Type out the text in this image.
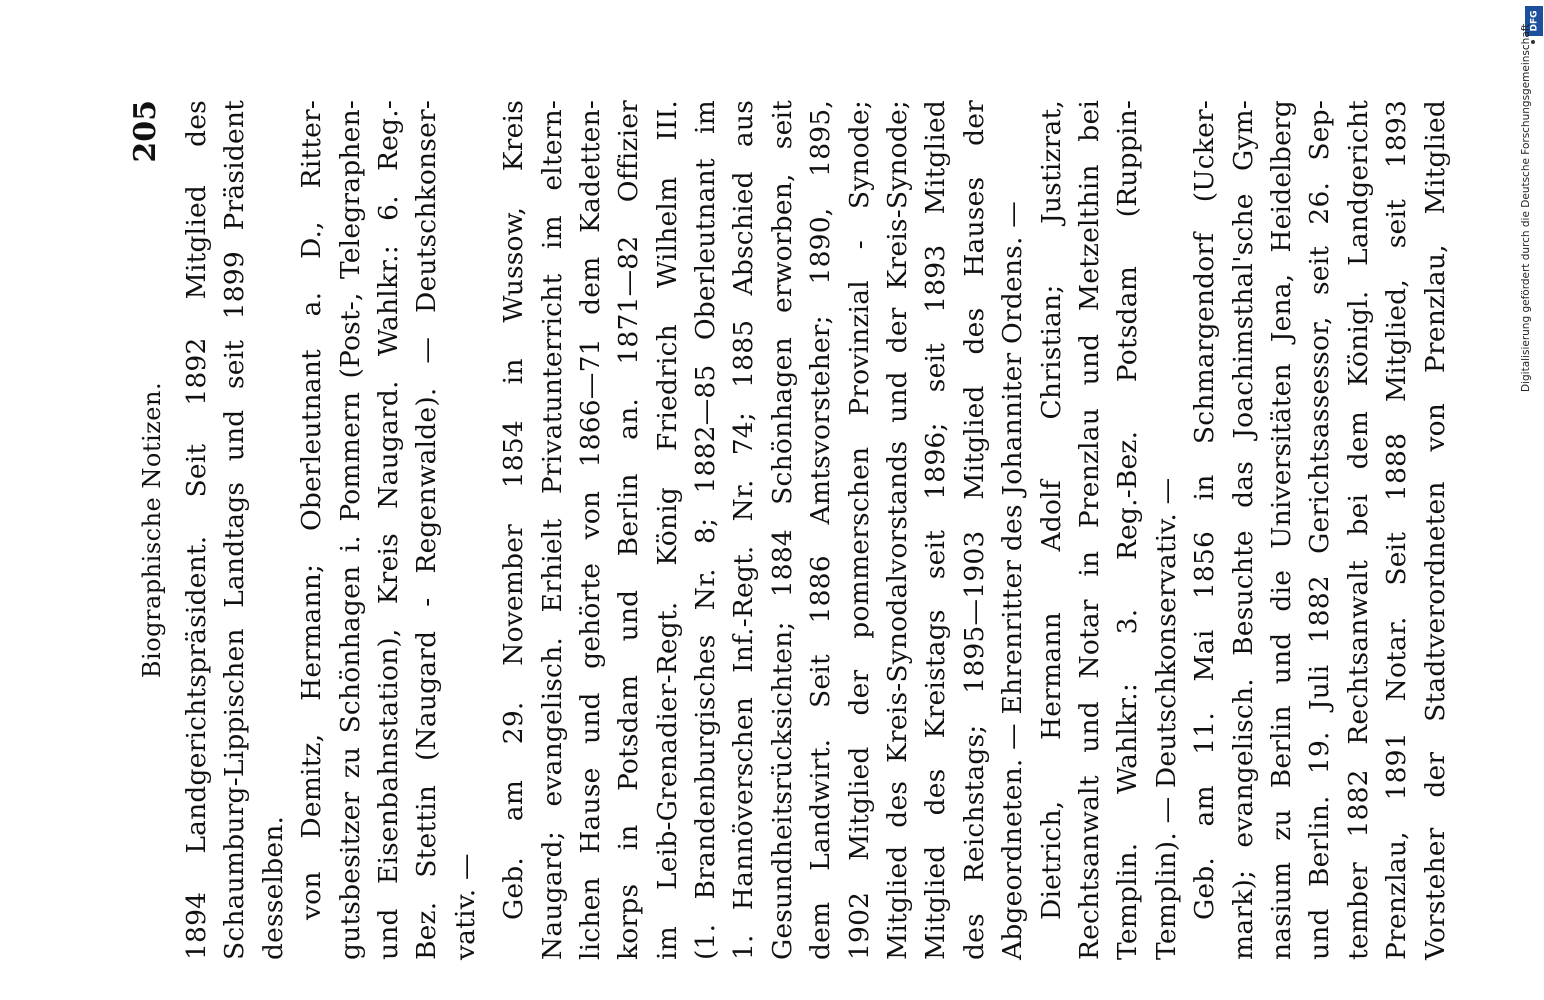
Biographische Notizen.
205 1894 Landgerichtspräsident. Seit 1892 Mitglied des Schaumburg-Lippischen Landtags und seit 1899 Präsident desselben. von Demitz, Hermann; Oberleutnant a. D., Ritter- gutsbesitzer zu Schönhagen i. Pommern (Post-, Telegraphen- und Eisenbahnstation), Kreis Naugard. Wahlkr.: 6. Reg.- Bez. Stettin (Naugard - Regenwalde). — Deutschkonser- vativ. — Geb. am 29. November 1854 in Wussow, Kreis Naugard; evangelisch. Erhielt Privatunterricht im eltern- lichen Hause und gehörte von 1866—71 dem Kadetten- korps in Potsdam und Berlin an. 1871—82 Offizier im Leib-Grenadier-Regt. König Friedrich Wilhelm III. (1. Brandenburgisches Nr. 8; 1882—85 Oberleutnant im 1. Hannöverschen Inf.-Regt. Nr. 74; 1885 Abschied aus Gesundheitsrücksichten; 1884 Schönhagen erworben, seit dem Landwirt. Seit 1886 Amtsvorsteher; 1890, 1895, 1902 Mitglied der pommerschen Provinzial - Synode; Mitglied des Kreis-Synodalvorstands und der Kreis-Synode; Mitglied des Kreistags seit 1896; seit 1893 Mitglied des Reichstags; 1895—1903 Mitglied des Hauses der Abgeordneten. — Ehrenritter des Johanniter Ordens. — Dietrich, Hermann Adolf Christian; Justizrat, Rechtsanwalt und Notar in Prenzlau und Metzelthin bei Templin. Wahlkr.: 3. Reg.-Bez. Potsdam (Ruppin- Templin). — Deutschkonservativ. — Geb. am 11. Mai 1856 in Schmargendorf (Ucker- mark); evangelisch. Besuchte das Joachimsthal'sche Gym- nasium zu Berlin und die Universitäten Jena, Heidelberg und Berlin. 19. Juli 1882 Gerichtsassessor, seit 26. Sep- tember 1882 Rechtsanwalt bei dem Königl. Landgericht Prenzlau, 1891 Notar. Seit 1888 Mitglied, seit 1893 Vorsteher der Stadtverordneten von Prenzlau, Mitglied
DFG
Digitalisierung gefördert durch die Deutsche Forschungsgemeinschaft
